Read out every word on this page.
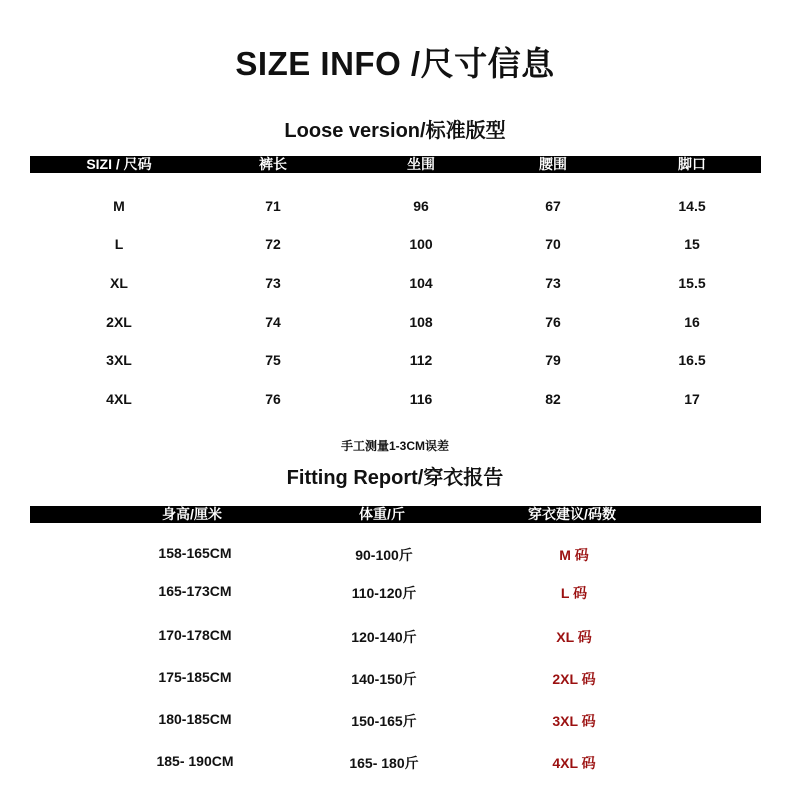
SIZE INFO /尺寸信息
Loose version/标准版型
SIZI / 尺码	裤长	坐围	腰围	脚口
M	71	96	67	14.5
L	72	100	70	15
XL	73	104	73	15.5
2XL	74	108	76	16
3XL	75	112	79	16.5
4XL	76	116	82	17
手工测量1-3CM误差
Fitting Report/穿衣报告
身高/厘米	体重/斤	穿衣建议/码数
158-165CM	90-100斤	M 码
165-173CM	110-120斤	L 码
170-178CM	120-140斤	XL 码
175-185CM	140-150斤	2XL 码
180-185CM	150-165斤	3XL 码
185- 190CM	165- 180斤	4XL 码
